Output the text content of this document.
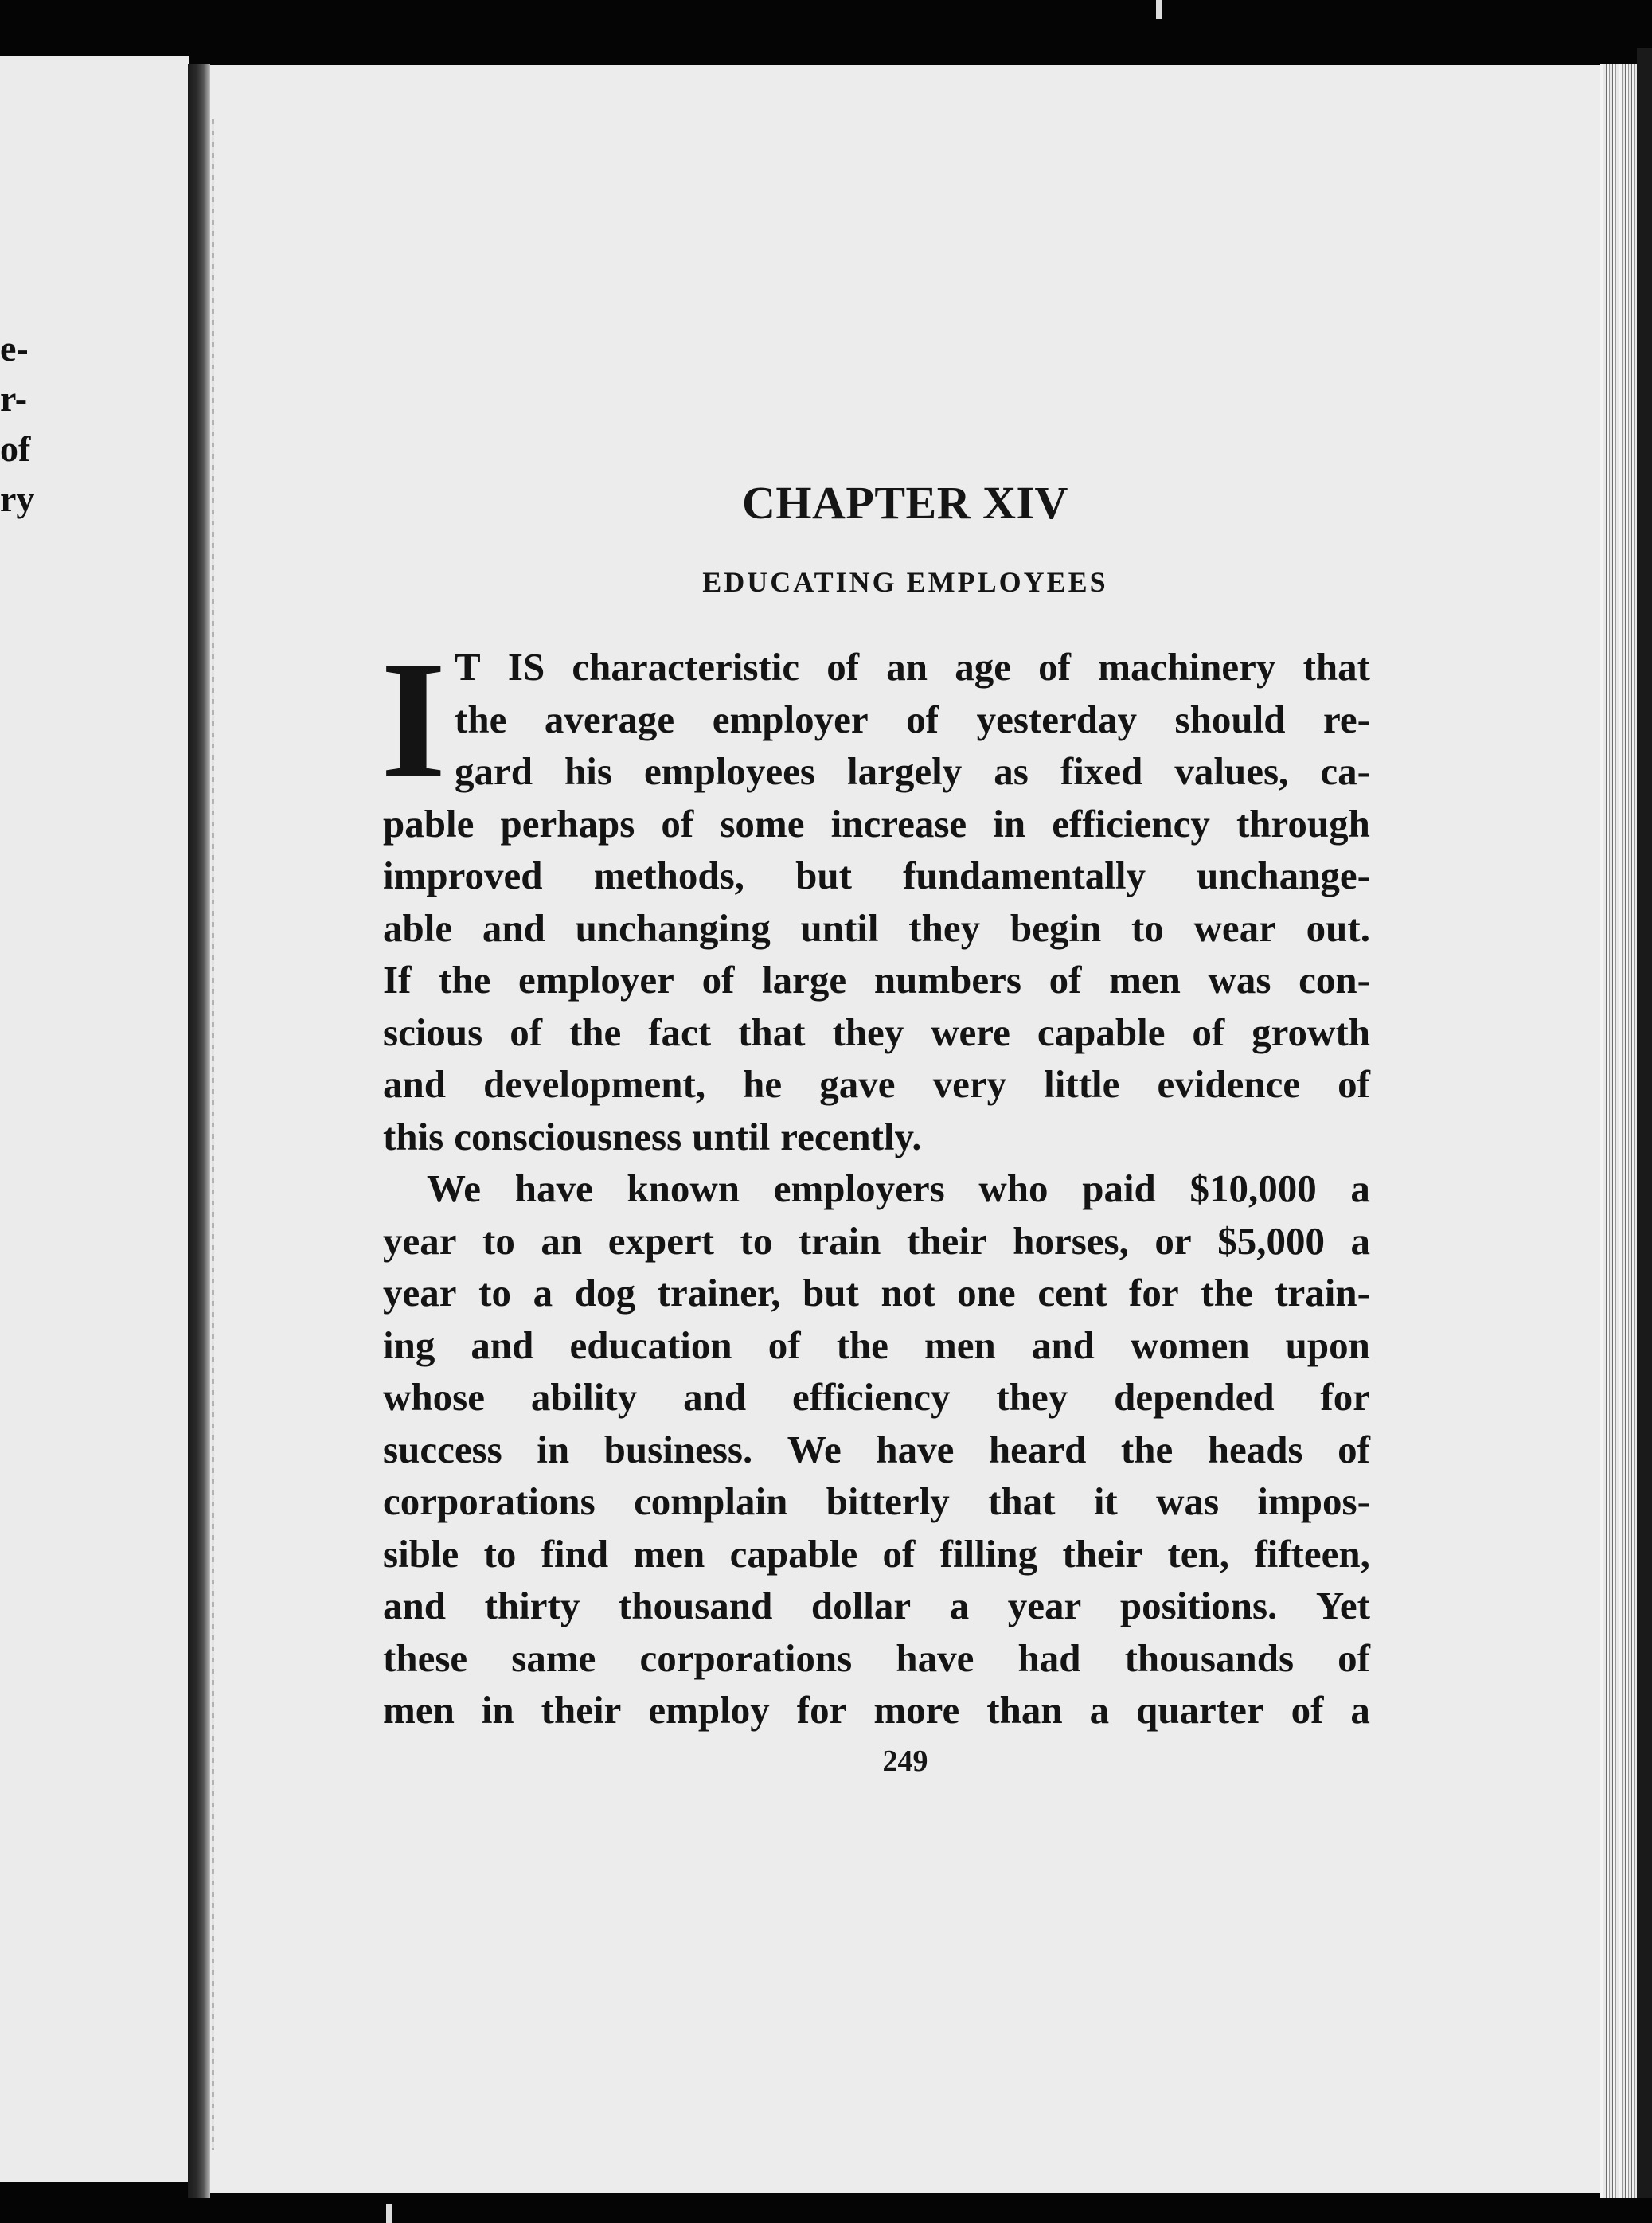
e-
r-
of
ry	CHAPTER XIV
EDUCATING EMPLOYEES
I T IS characteristic of an age of machinery that
the average employer of yesterday should re-
gard his employees largely as fixed values, ca-
pable perhaps of some increase in efficiency through
improved methods, but fundamentally unchange-
able and unchanging until they begin to wear out.
If the employer of large numbers of men was con-
scious of the fact that they were capable of growth
and development, he gave very little evidence of
this consciousness until recently.
We have known employers who paid $10,000 a
year to an expert to train their horses, or $5,000 a
year to a dog trainer, but not one cent for the train-
ing and education of the men and women upon
whose ability and efficiency they depended for
success in business. We have heard the heads of
corporations complain bitterly that it was impos-
sible to find men capable of filling their ten, fifteen,
and thirty thousand dollar a year positions. Yet
these same corporations have had thousands of
men in their employ for more than a quarter of a
249
